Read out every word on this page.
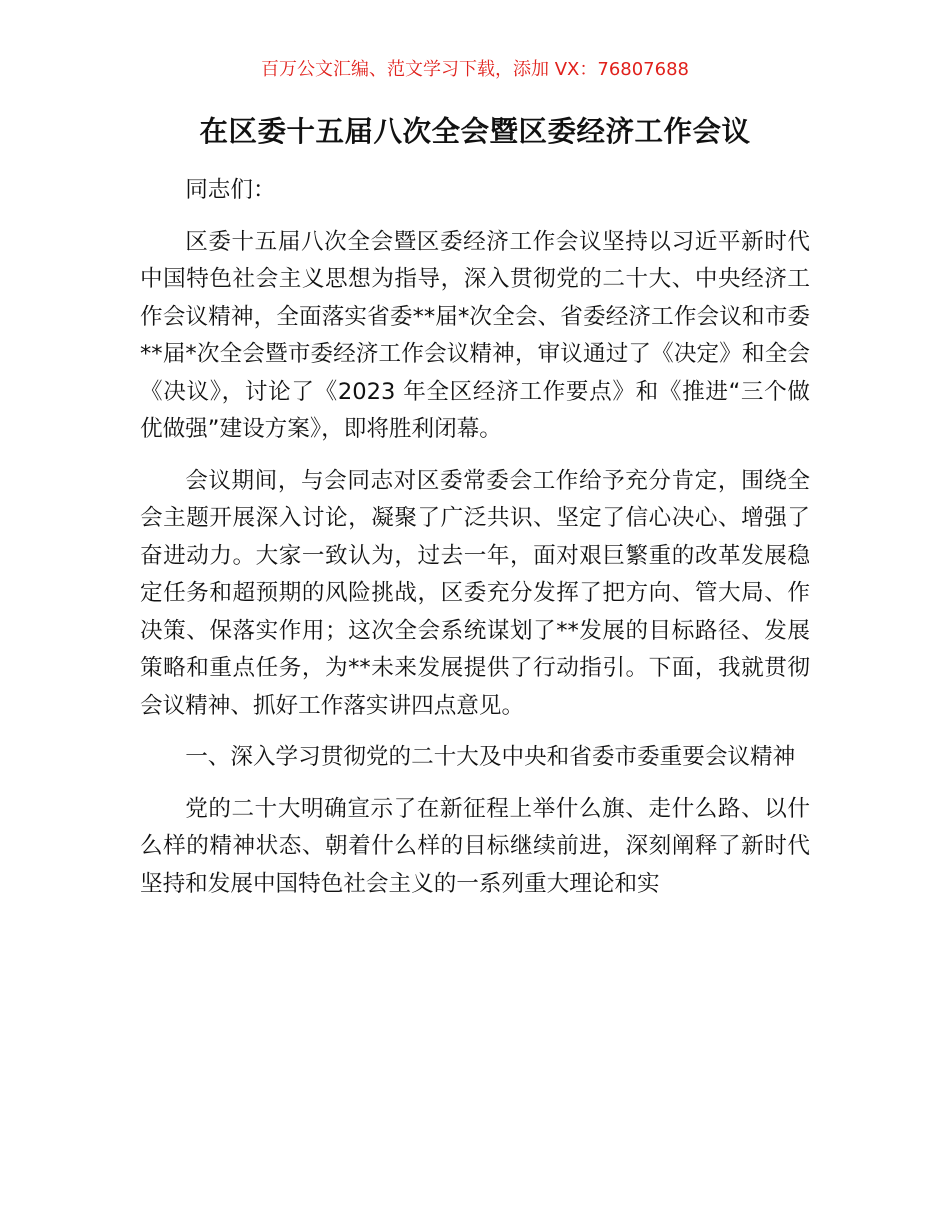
百万公文汇编、范文学习下载，添加 VX：76807688
在区委十五届八次全会暨区委经济工作会议

同志们：

区委十五届八次全会暨区委经济工作会议坚持以习近平新时代中国特色社会主义思想为指导，深入贯彻党的二十大、中央经济工作会议精神，全面落实省委**届*次全会、省委经济工作会议和市委**届*次全会暨市委经济工作会议精神，审议通过了《决定》和全会《决议》，讨论了《2023 年全区经济工作要点》和《推进“三个做优做强”建设方案》，即将胜利闭幕。

会议期间，与会同志对区委常委会工作给予充分肯定，围绕全会主题开展深入讨论，凝聚了广泛共识、坚定了信心决心、增强了奋进动力。大家一致认为，过去一年，面对艰巨繁重的改革发展稳定任务和超预期的风险挑战，区委充分发挥了把方向、管大局、作决策、保落实作用；这次全会系统谋划了**发展的目标路径、发展策略和重点任务，为**未来发展提供了行动指引。下面，我就贯彻会议精神、抓好工作落实讲四点意见。

一、深入学习贯彻党的二十大及中央和省委市委重要会议精神

党的二十大明确宣示了在新征程上举什么旗、走什么路、以什么样的精神状态、朝着什么样的目标继续前进，深刻阐释了新时代坚持和发展中国特色社会主义的一系列重大理论和实
